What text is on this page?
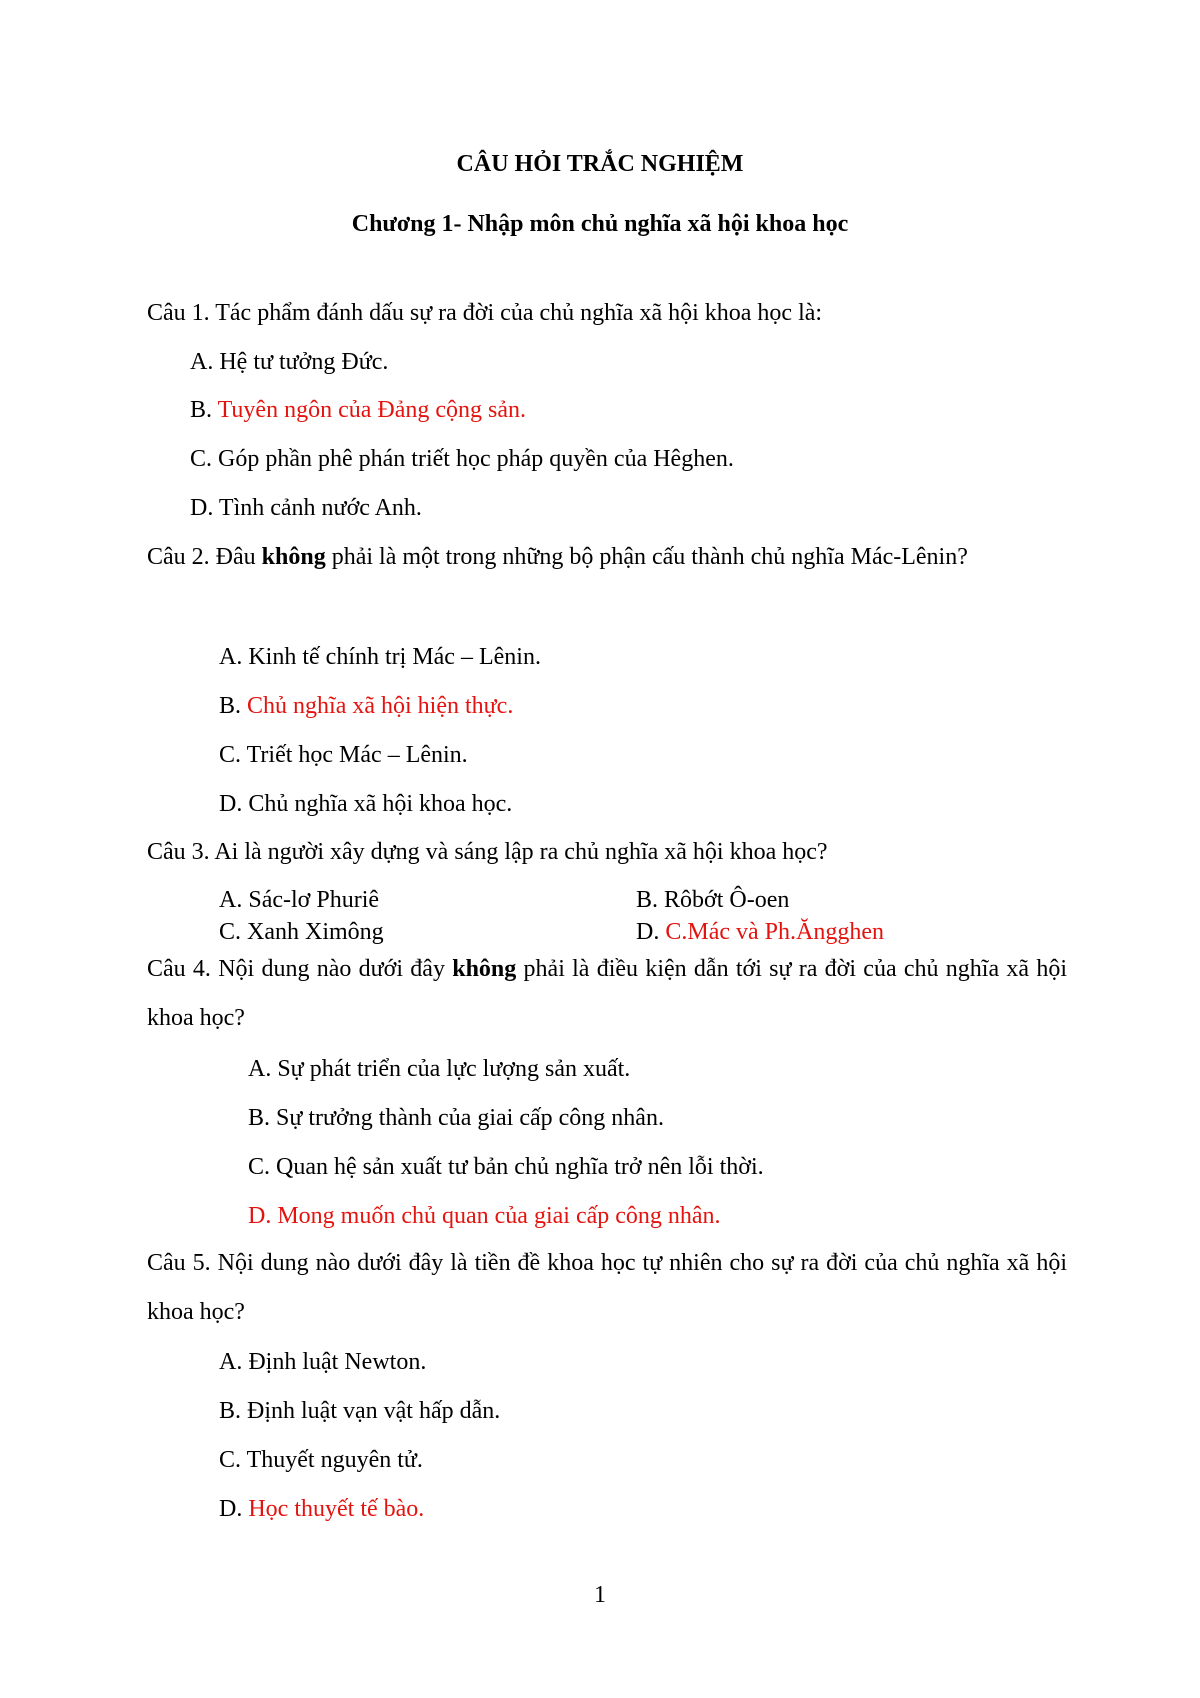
CÂU HỎI TRẮC NGHIỆM
Chương 1- Nhập môn chủ nghĩa xã hội khoa học
Câu 1. Tác phẩm đánh dấu sự ra đời của chủ nghĩa xã hội khoa học là:
A. Hệ tư tưởng Đức.
B. Tuyên ngôn của Đảng cộng sản.
C. Góp phần phê phán triết học pháp quyền của Hêghen.
D. Tình cảnh nước Anh.
Câu 2. Đâu không phải là một trong những bộ phận cấu thành chủ nghĩa Mác-Lênin?
A. Kinh tế chính trị Mác – Lênin.
B. Chủ nghĩa xã hội hiện thực.
C. Triết học Mác – Lênin.
D. Chủ nghĩa xã hội khoa học.
Câu 3. Ai là người xây dựng và sáng lập ra chủ nghĩa xã hội khoa học?
A. Sác-lơ Phuriê	B. Rôbớt Ô-oen
C. Xanh Ximông	D. C.Mác và Ph.Ăngghen
Câu 4. Nội dung nào dưới đây không phải là điều kiện dẫn tới sự ra đời của chủ nghĩa xã hội khoa học?
A. Sự phát triển của lực lượng sản xuất.
B. Sự trưởng thành của giai cấp công nhân.
C. Quan hệ sản xuất tư bản chủ nghĩa trở nên lỗi thời.
D. Mong muốn chủ quan của giai cấp công nhân.
Câu 5. Nội dung nào dưới đây là tiền đề khoa học tự nhiên cho sự ra đời của chủ nghĩa xã hội khoa học?
A. Định luật Newton.
B. Định luật vạn vật hấp dẫn.
C. Thuyết nguyên tử.
D. Học thuyết tế bào.
1
